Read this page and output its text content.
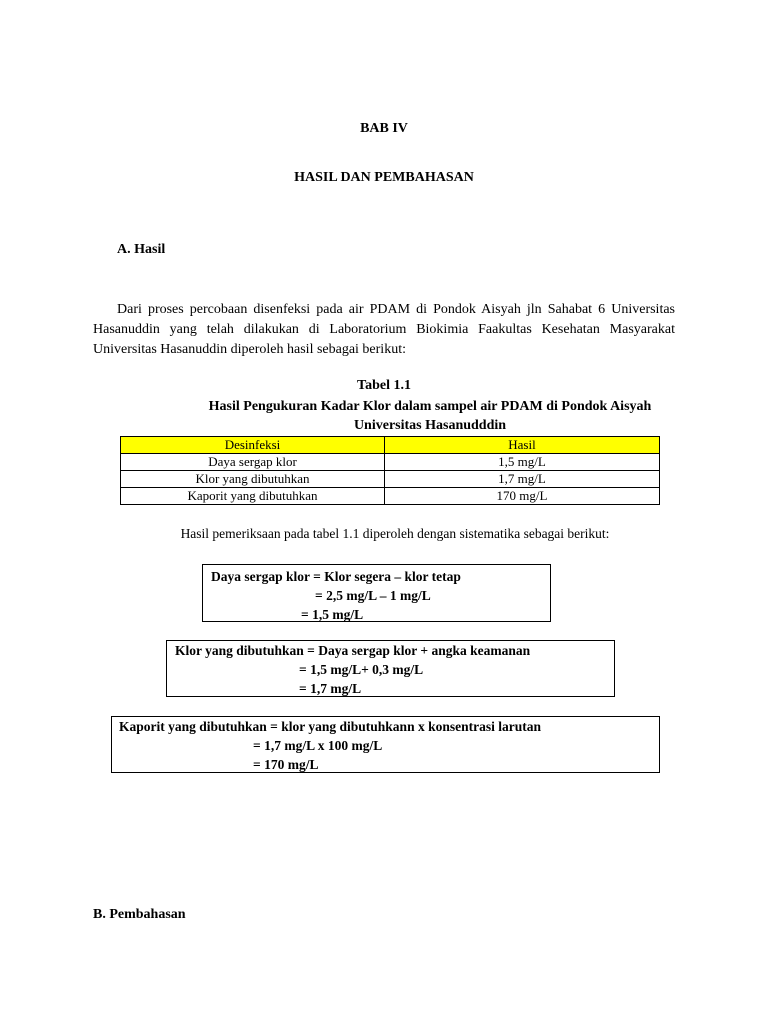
BAB IV
HASIL DAN PEMBAHASAN
A. Hasil
Dari proses percobaan disenfeksi pada air PDAM di Pondok Aisyah jln Sahabat 6 Universitas Hasanuddin yang telah dilakukan di Laboratorium Biokimia Faakultas Kesehatan Masyarakat Universitas Hasanuddin diperoleh hasil sebagai berikut:
Tabel 1.1
Hasil Pengukuran Kadar Klor dalam sampel air PDAM di Pondok Aisyah Universitas Hasanudddin
Desinfeksi	Hasil
Daya sergap klor	1,5 mg/L
Klor yang dibutuhkan	1,7 mg/L
Kaporit yang dibutuhkan	170 mg/L
Hasil pemeriksaan pada tabel 1.1 diperoleh dengan sistematika sebagai berikut:
Daya sergap klor = Klor segera – klor tetap
= 2,5 mg/L – 1 mg/L
= 1,5 mg/L
Klor yang dibutuhkan = Daya sergap klor + angka keamanan
= 1,5 mg/L+ 0,3 mg/L
= 1,7 mg/L
Kaporit yang dibutuhkan = klor yang dibutuhkann x konsentrasi larutan
= 1,7 mg/L x 100 mg/L
= 170 mg/L
B. Pembahasan
